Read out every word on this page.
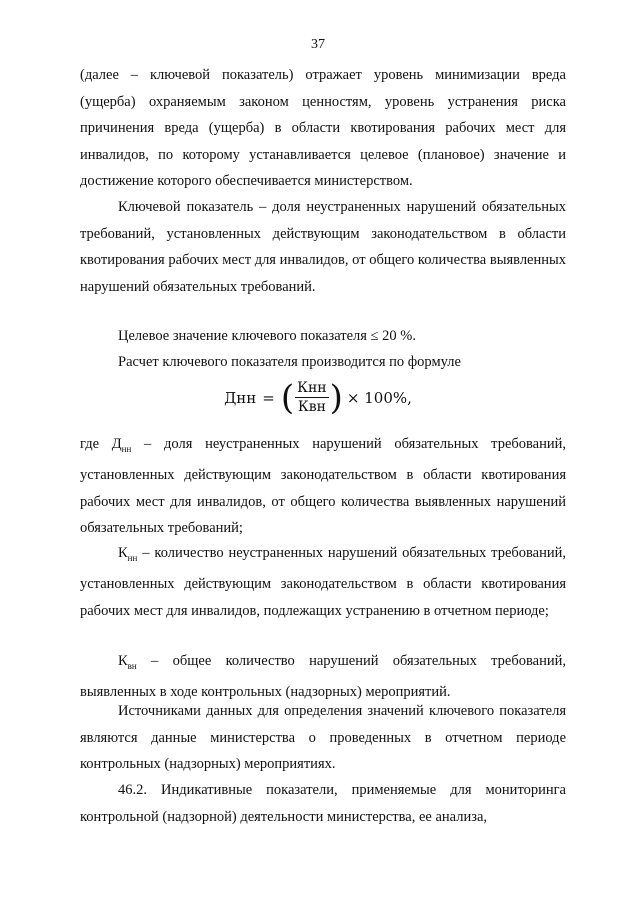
37

(далее – ключевой показатель) отражает уровень минимизации вреда (ущерба) охраняемым законом ценностям, уровень устранения риска причинения вреда (ущерба) в области квотирования рабочих мест для инвалидов, по которому устанавливается целевое (плановое) значение и достижение которого обеспечивается министерством.

Ключевой показатель – доля неустраненных нарушений обязательных требований, установленных действующим законодательством в области квотирования рабочих мест для инвалидов, от общего количества выявленных нарушений обязательных требований.

Целевое значение ключевого показателя ≤ 20 %.

Расчет ключевого показателя производится по формуле

Днн = ( $\frac{\text{Кнн}}{\text{Квн}}$ ) × 100%,

где $Д_{нн}$ – доля неустраненных нарушений обязательных требований, установленных действующим законодательством в области квотирования рабочих мест для инвалидов, от общего количества выявленных нарушений обязательных требований;

$К_{нн}$ – количество неустраненных нарушений обязательных требований, установленных действующим законодательством в области квотирования рабочих мест для инвалидов, подлежащих устранению в отчетном периоде;

$К_{вн}$ – общее количество нарушений обязательных требований, выявленных в ходе контрольных (надзорных) мероприятий.

Источниками данных для определения значений ключевого показателя являются данные министерства о проведенных в отчетном периоде контрольных (надзорных) мероприятиях.

46.2. Индикативные показатели, применяемые для мониторинга контрольной (надзорной) деятельности министерства, ее анализа,
